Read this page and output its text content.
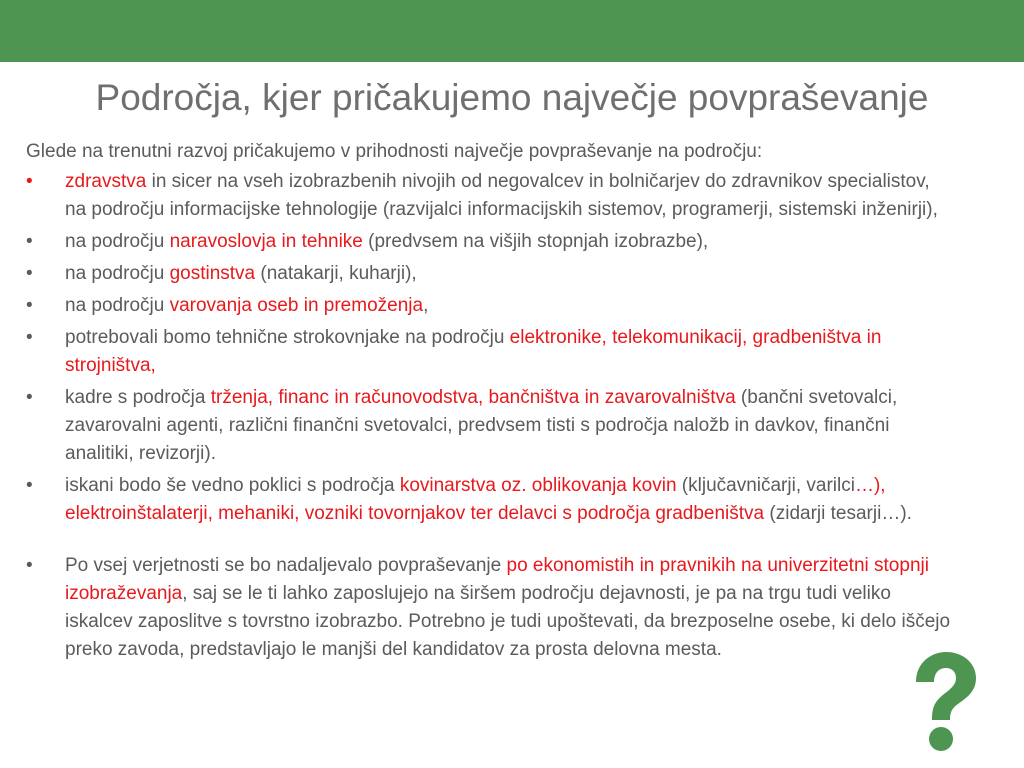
Področja, kjer pričakujemo največje povpraševanje
Glede na trenutni razvoj pričakujemo v prihodnosti največje povpraševanje na področju:
•	zdravstva in sicer na vseh izobrazbenih nivojih od negovalcev in bolničarjev do zdravnikov specialistov, na področju informacijske tehnologije (razvijalci informacijskih sistemov, programerji, sistemski inženirji),
•	na področju naravoslovja in tehnike (predvsem na višjih stopnjah izobrazbe),
•	na področju gostinstva (natakarji, kuharji),
•	na področju varovanja oseb in premoženja,
•	potrebovali bomo tehnične strokovnjake na področju elektronike, telekomunikacij, gradbeništva in strojništva,
•	kadre s področja trženja, financ in računovodstva, bančništva in zavarovalništva (bančni svetovalci, zavarovalni agenti, različni finančni svetovalci, predvsem tisti s področja naložb in davkov, finančni analitiki, revizorji).
•	iskani bodo še vedno poklici s področja kovinarstva oz. oblikovanja kovin (ključavničarji, varilci…), elektroinštalaterji, mehaniki, vozniki tovornjakov ter delavci s področja gradbeništva (zidarji tesarji…).
•	Po vsej verjetnosti se bo nadaljevalo povpraševanje po ekonomistih in pravnikih na univerzitetni stopnji izobraževanja, saj se le ti lahko zaposlujejo na širšem področju dejavnosti, je pa na trgu tudi veliko iskalcev zaposlitve s tovrstno izobrazbo. Potrebno je tudi upoštevati, da brezposelne osebe, ki delo iščejo preko zavoda, predstavljajo le manjši del kandidatov za prosta delovna mesta.
